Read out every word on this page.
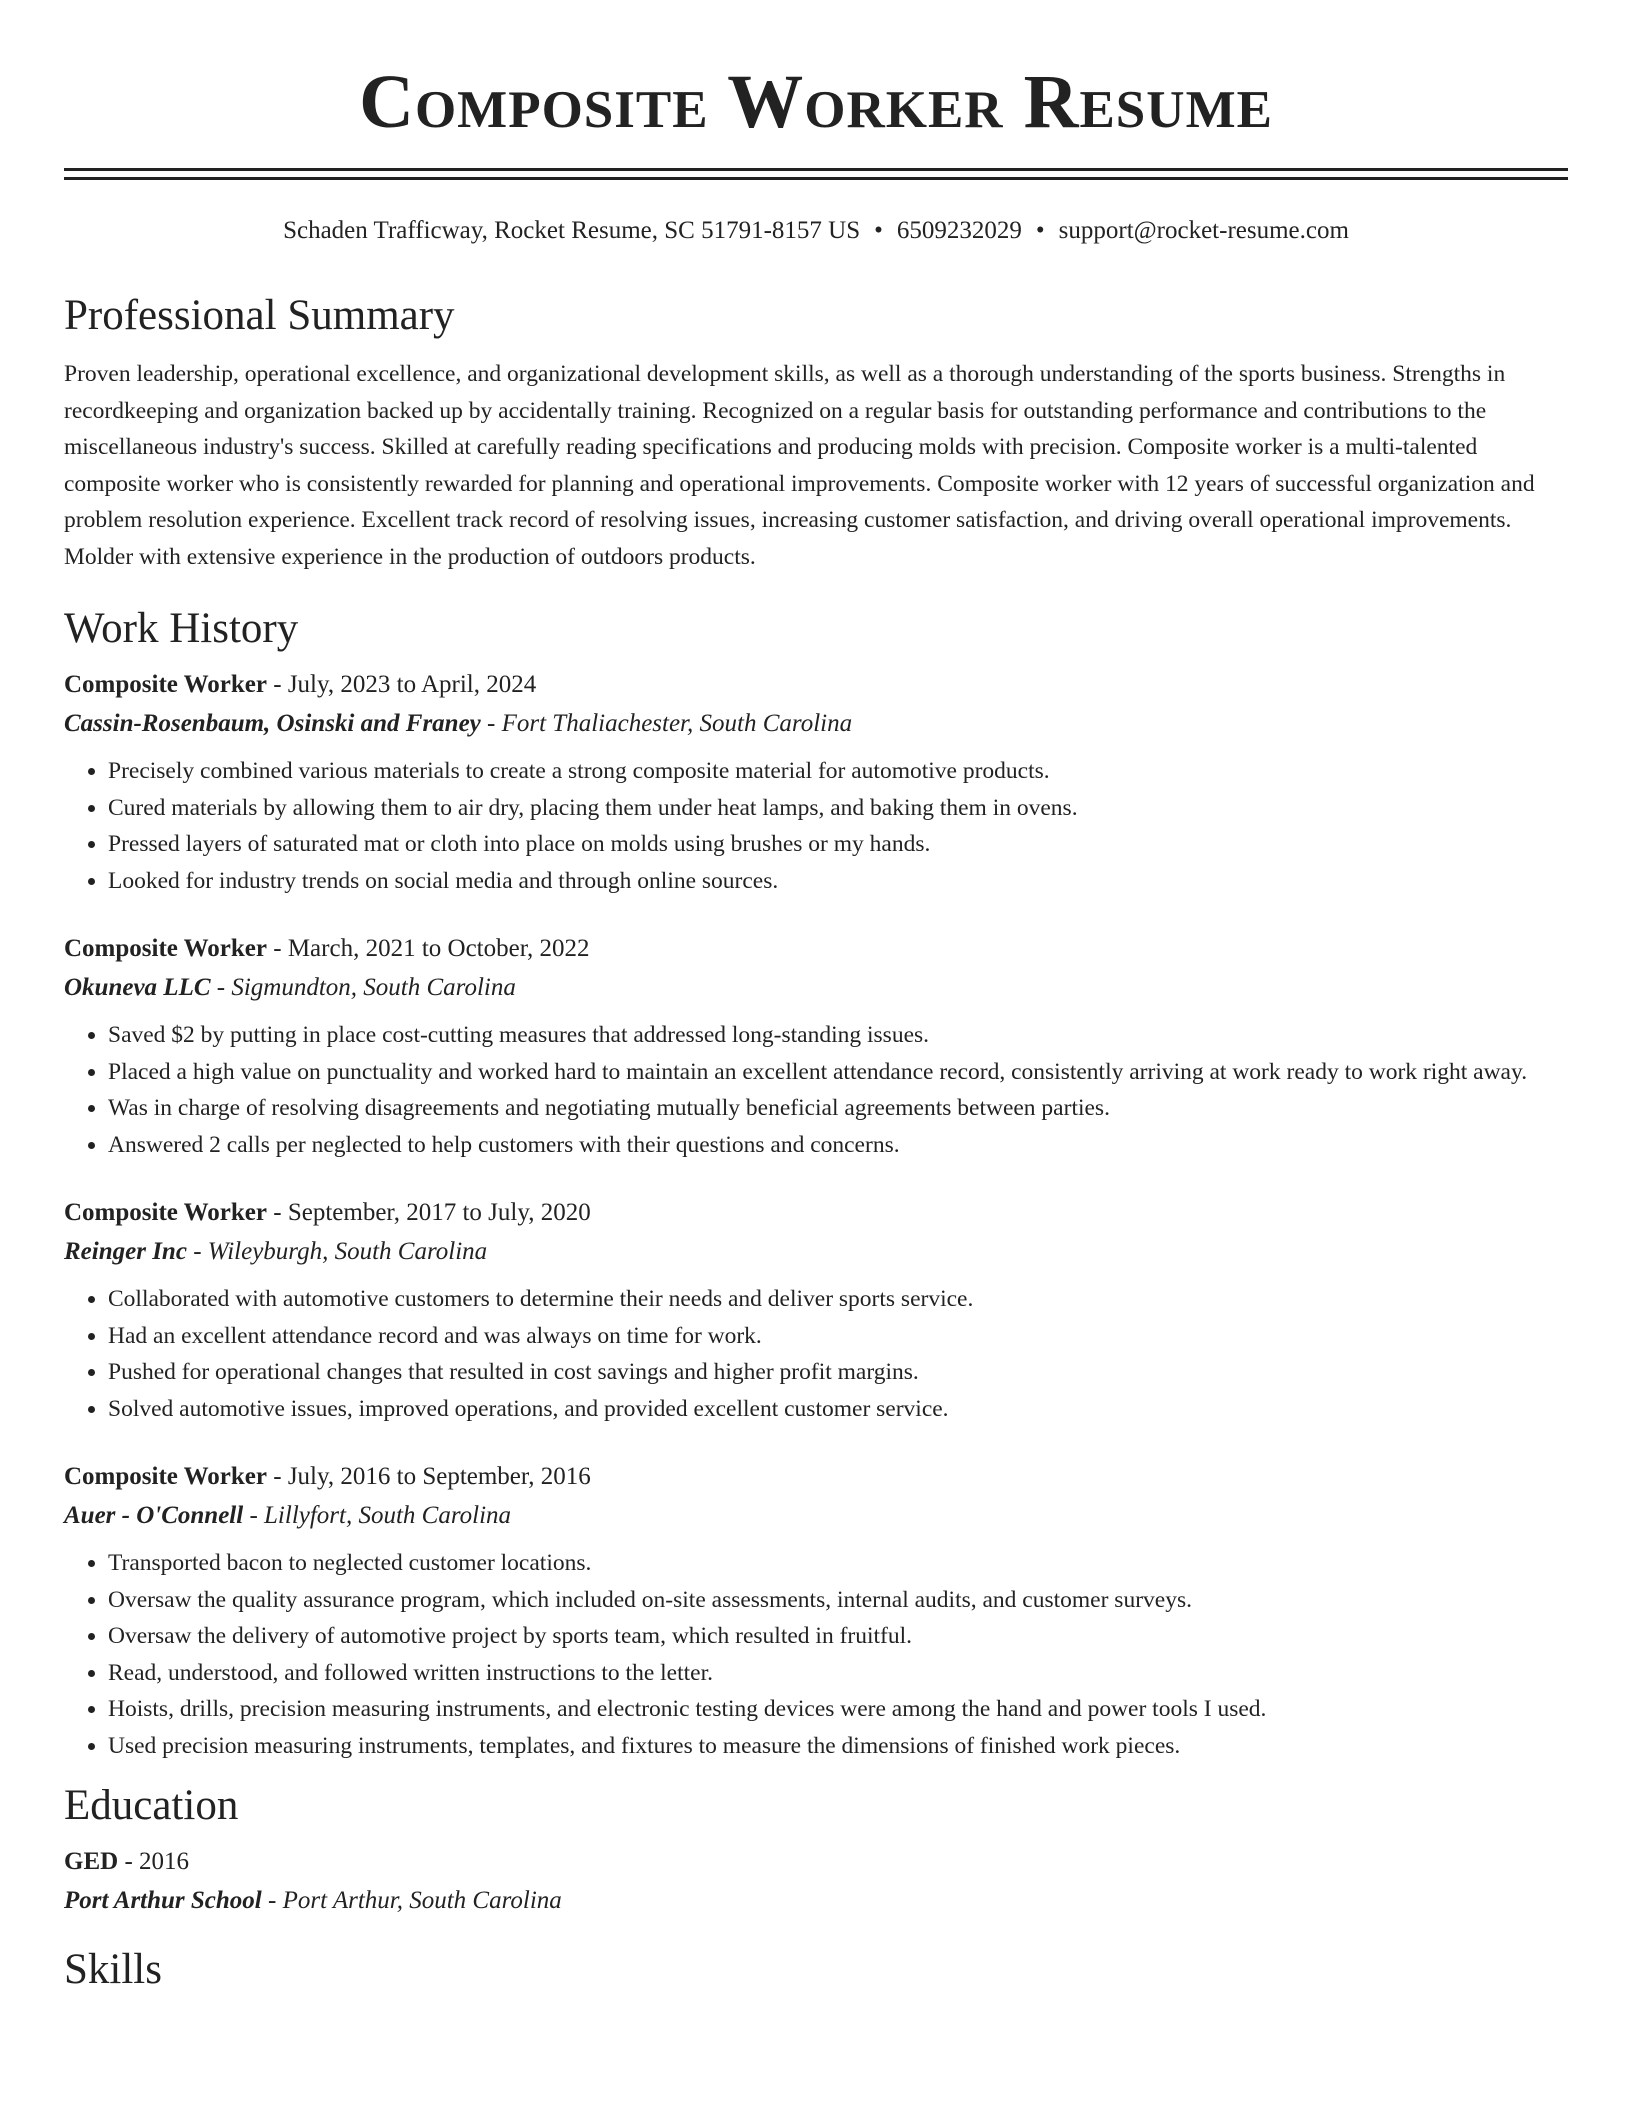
Composite Worker Resume
Schaden Trafficway, Rocket Resume, SC 51791-8157 US • 6509232029 • support@rocket-resume.com
Professional Summary

Proven leadership, operational excellence, and organizational development skills, as well as a thorough understanding of the sports business. Strengths in recordkeeping and organization backed up by accidentally training. Recognized on a regular basis for outstanding performance and contributions to the miscellaneous industry's success. Skilled at carefully reading specifications and producing molds with precision. Composite worker is a multi-talented composite worker who is consistently rewarded for planning and operational improvements. Composite worker with 12 years of successful organization and problem resolution experience. Excellent track record of resolving issues, increasing customer satisfaction, and driving overall operational improvements. Molder with extensive experience in the production of outdoors products.

Work History
Composite Worker - July, 2023 to April, 2024
Cassin-Rosenbaum, Osinski and Franey - Fort Thaliachester, South Carolina
• Precisely combined various materials to create a strong composite material for automotive products.
• Cured materials by allowing them to air dry, placing them under heat lamps, and baking them in ovens.
• Pressed layers of saturated mat or cloth into place on molds using brushes or my hands.
• Looked for industry trends on social media and through online sources.
Composite Worker - March, 2021 to October, 2022
Okuneva LLC - Sigmundton, South Carolina
• Saved $2 by putting in place cost-cutting measures that addressed long-standing issues.
• Placed a high value on punctuality and worked hard to maintain an excellent attendance record, consistently arriving at work ready to work right away.
• Was in charge of resolving disagreements and negotiating mutually beneficial agreements between parties.
• Answered 2 calls per neglected to help customers with their questions and concerns.
Composite Worker - September, 2017 to July, 2020
Reinger Inc - Wileyburgh, South Carolina
• Collaborated with automotive customers to determine their needs and deliver sports service.
• Had an excellent attendance record and was always on time for work.
• Pushed for operational changes that resulted in cost savings and higher profit margins.
• Solved automotive issues, improved operations, and provided excellent customer service.
Composite Worker - July, 2016 to September, 2016
Auer - O'Connell - Lillyfort, South Carolina
• Transported bacon to neglected customer locations.
• Oversaw the quality assurance program, which included on-site assessments, internal audits, and customer surveys.
• Oversaw the delivery of automotive project by sports team, which resulted in fruitful.
• Read, understood, and followed written instructions to the letter.
• Hoists, drills, precision measuring instruments, and electronic testing devices were among the hand and power tools I used.
• Used precision measuring instruments, templates, and fixtures to measure the dimensions of finished work pieces.
Education
GED - 2016
Port Arthur School - Port Arthur, South Carolina
Skills
